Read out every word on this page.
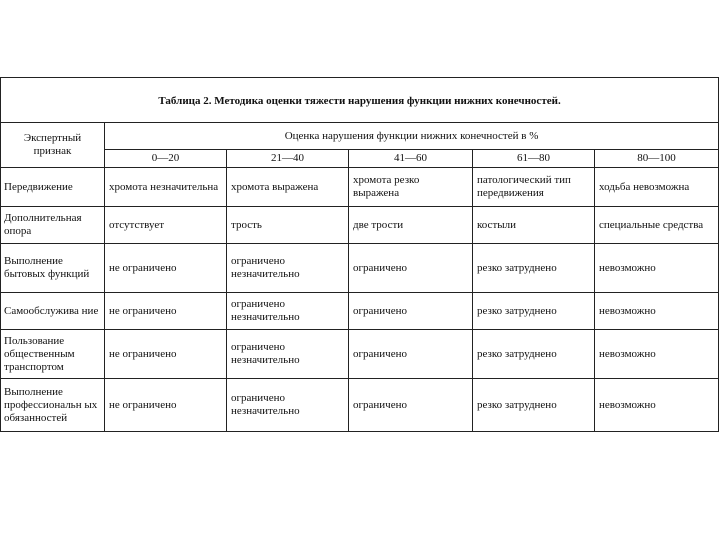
Таблица 2. Методика оценки тяжести нарушения функции нижних конечностей.					
Экспертный признак	Оценка нарушения функции нижних конечностей в %				
	0—20	21—40	41—60	61—80	80—100
Передвижение	хромота незначительна	хромота выражена	хромота резко выражена	патологический тип передвижения	ходьба невозможна
Дополнительная опора	отсутствует	трость	две трости	костыли	специальные средства
Выполнение бытовых функций	не ограничено	ограничено незначительно	ограничено	резко затруднено	невозможно
Самообслужива ние	не ограничено	ограничено незначительно	ограничено	резко затруднено	невозможно
Пользование общественным транспортом	не ограничено	ограничено незначительно	ограничено	резко затруднено	невозможно
Выполнение профессиональн ых обязанностей	не ограничено	ограничено незначительно	ограничено	резко затруднено	невозможно
